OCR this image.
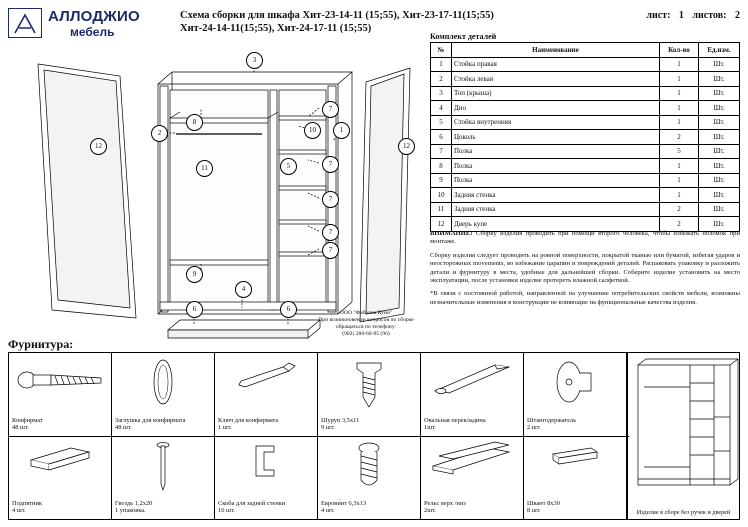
АЛЛОДЖИО
мебель
Схема сборки для шкафа Хит-23-14-11 (15;55), Хит-23-17-11(15;55)
Хит-24-14-11(15;55), Хит-24-17-11 (15;55)
лист: 1 листов: 2
Комплект деталей
№	Наименование	Кол-во	Ед.изм.
1	Стойка правая	1	Шт.
2	Стойка левая	1	Шт.
3	Топ (крыша)	1	Шт.
4	Дно	1	Шт.
5	Стойка внутренняя	1	Шт.
6	Цоколь	2	Шт.
7	Полка	5	Шт.
8	Полка	1	Шт.
9	Полка	1	Шт.
10	Задняя стенка	1	Шт.
11	Задняя стенка	2	Шт.
12	Дверь купе	2	Шт.

ВНИМАНИЕ! Сборку изделия проводить при помощи второго человека, чтобы избежать поломок при монтаже.

Сборку изделия следует проводить на ровной поверхности, покрытой тканью или бумагой, избегая ударов и неосторожных movements, во избежание царапин и повреждений деталей. Распаковать упаковку и разложить детали и фурнитуру в места, удобные для дальнейшей сборки. Соберите изделие установить на место эксплуатации, после установки изделие протереть влажной салфеткой.

*В связи с постоянной работой, направленной на улучшение потребительских свойств мебели, возможны незначительные изменения в конструкции не влияющие на функциональные качества изделия.

3
12
2
8
10	1
7
12
11	5	7
7
7
7
9
4
6	6	ООО "Фабрика Куни"
При возникновении вопросов по сборке
обращаться по телефону:
(903) 280-60-95 (96)
Фурнитура:
Конфирмат
48 шт.
Заглушка для конфирмата
48 шт.
Ключ для конфирмата
1 шт.
Шуруп 3,5х11
9 шт.
Овальная перекладина
1шт.
Штангодержатель
2 шт.
Подпятник
4 шт.
Гвоздь 1,2х20
1 упаковка.
Скоба для задней стенки
16 шт.
Еврови́нт 6,3х13
4 шт.
Рельс верх /низ
2шт.
Шкант 8х30
8 шт.	Изделие в сборе без ручек и дверей
